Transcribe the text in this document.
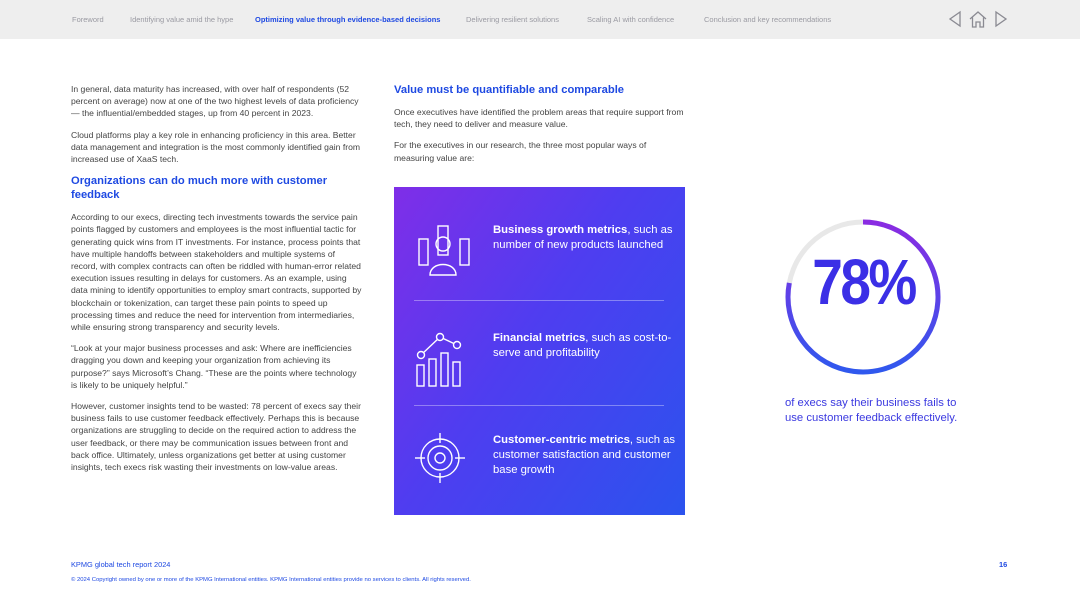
Foreword	Identifying value amid the hype	Optimizing value through evidence-based decisions	Delivering resilient solutions	Scaling AI with confidence	Conclusion and key recommendations

In general, data maturity has increased, with over half of respondents (52 percent on average) now at one of the two highest levels of data proficiency — the influential/embedded stages, up from 40 percent in 2023.

Cloud platforms play a key role in enhancing proficiency in this area. Better data management and integration is the most commonly identified gain from increased use of XaaS tech.

Organizations can do much more with customer feedback

According to our execs, directing tech investments towards the service pain points flagged by customers and employees is the most influential tactic for generating quick wins from IT investments. For instance, process points that have multiple handoffs between stakeholders and multiple systems of record, with complex contracts can often be riddled with human-error related execution issues resulting in delays for customers. As an example, using data mining to identify opportunities to employ smart contracts, supported by blockchain or tokenization, can target these pain points to speed up processing times and reduce the need for intervention from intermediaries, while ensuring strong transparency and security levels.

“Look at your major business processes and ask: Where are inefficiencies dragging you down and keeping your organization from achieving its purpose?” says Microsoft’s Chang. “These are the points where technology is likely to be uniquely helpful.”

However, customer insights tend to be wasted: 78 percent of execs say their business fails to use customer feedback effectively. Perhaps this is because organizations are struggling to decide on the required action to address the user feedback, or there may be communication issues between front and back office. Ultimately, unless organizations get better at using customer insights, tech execs risk wasting their investments on low-value areas.

Value must be quantifiable and comparable

Once executives have identified the problem areas that require support from tech, they need to deliver and measure value.

For the executives in our research, the three most popular ways of measuring value are:

Business growth metrics, such as number of new products launched
Financial metrics, such as cost-to-serve and profitability
Customer-centric metrics, such as customer satisfaction and customer base growth
78%
of execs say their business fails to use customer feedback effectively.
KPMG global tech report 2024	16
© 2024 Copyright owned by one or more of the KPMG International entities. KPMG International entities provide no services to clients. All rights reserved.
